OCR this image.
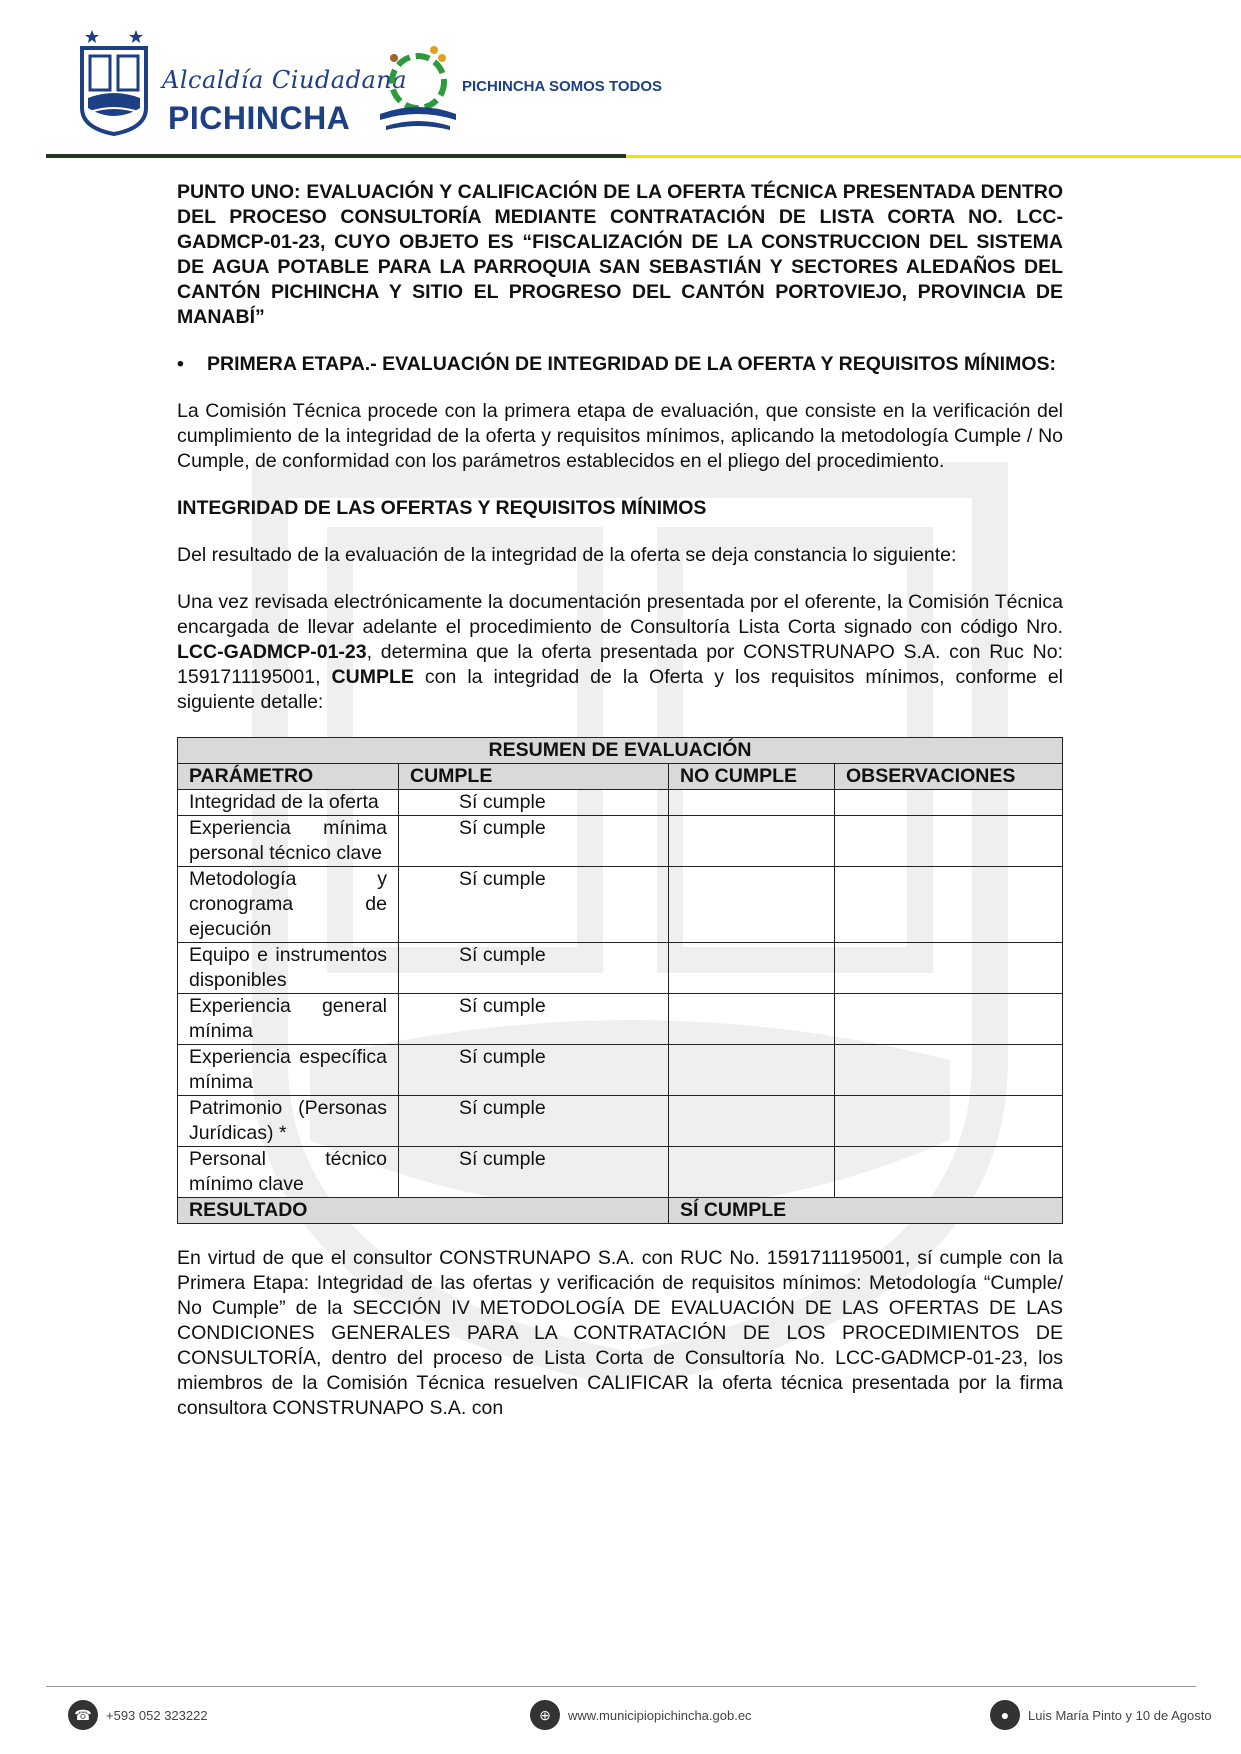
Alcaldía Ciudadana
PICHINCHA
PICHINCHA SOMOS TODOS

PUNTO UNO: EVALUACIÓN Y CALIFICACIÓN DE LA OFERTA TÉCNICA PRESENTADA DENTRO DEL PROCESO CONSULTORÍA MEDIANTE CONTRATACIÓN DE LISTA CORTA NO. LCC-GADMCP-01-23, CUYO OBJETO ES “FISCALIZACIÓN DE LA CONSTRUCCION DEL SISTEMA DE AGUA POTABLE PARA LA PARROQUIA SAN SEBASTIÁN Y SECTORES ALEDAÑOS DEL CANTÓN PICHINCHA Y SITIO EL PROGRESO DEL CANTÓN PORTOVIEJO, PROVINCIA DE MANABÍ”

•	PRIMERA ETAPA.- EVALUACIÓN DE INTEGRIDAD DE LA OFERTA Y REQUISITOS MÍNIMOS:

La Comisión Técnica procede con la primera etapa de evaluación, que consiste en la verificación del cumplimiento de la integridad de la oferta y requisitos mínimos, aplicando la metodología Cumple / No Cumple, de conformidad con los parámetros establecidos en el pliego del procedimiento.

INTEGRIDAD DE LAS OFERTAS Y REQUISITOS MÍNIMOS

Del resultado de la evaluación de la integridad de la oferta se deja constancia lo siguiente:

Una vez revisada electrónicamente la documentación presentada por el oferente, la Comisión Técnica encargada de llevar adelante el procedimiento de Consultoría Lista Corta signado con código Nro. LCC-GADMCP-01-23, determina que la oferta presentada por CONSTRUNAPO S.A. con Ruc No: 1591711195001, CUMPLE con la integridad de la Oferta y los requisitos mínimos, conforme el siguiente detalle:

RESUMEN DE EVALUACIÓN			
PARÁMETRO	CUMPLE	NO CUMPLE	OBSERVACIONES
Integridad de la oferta	Sí cumple		
Experiencia mínima personal técnico clave	Sí cumple		
Metodología y cronograma de ejecución	Sí cumple		
Equipo e instrumentos disponibles	Sí cumple		
Experiencia general mínima	Sí cumple		
Experiencia específica mínima	Sí cumple		
Patrimonio (Personas Jurídicas) *	Sí cumple		
Personal técnico mínimo clave	Sí cumple		
RESULTADO		SÍ CUMPLE	

En virtud de que el consultor CONSTRUNAPO S.A. con RUC No. 1591711195001, sí cumple con la Primera Etapa: Integridad de las ofertas y verificación de requisitos mínimos: Metodología “Cumple/ No Cumple” de la SECCIÓN IV METODOLOGÍA DE EVALUACIÓN DE LAS OFERTAS DE LAS CONDICIONES GENERALES PARA LA CONTRATACIÓN DE LOS PROCEDIMIENTOS DE CONSULTORÍA, dentro del proceso de Lista Corta de Consultoría No. LCC-GADMCP-01-23, los miembros de la Comisión Técnica resuelven CALIFICAR la oferta técnica presentada por la firma consultora CONSTRUNAPO S.A. con

☎	+593 052 323222	⊕	www.municipiopichincha.gob.ec	●	Luis María Pinto y 10 de Agosto
